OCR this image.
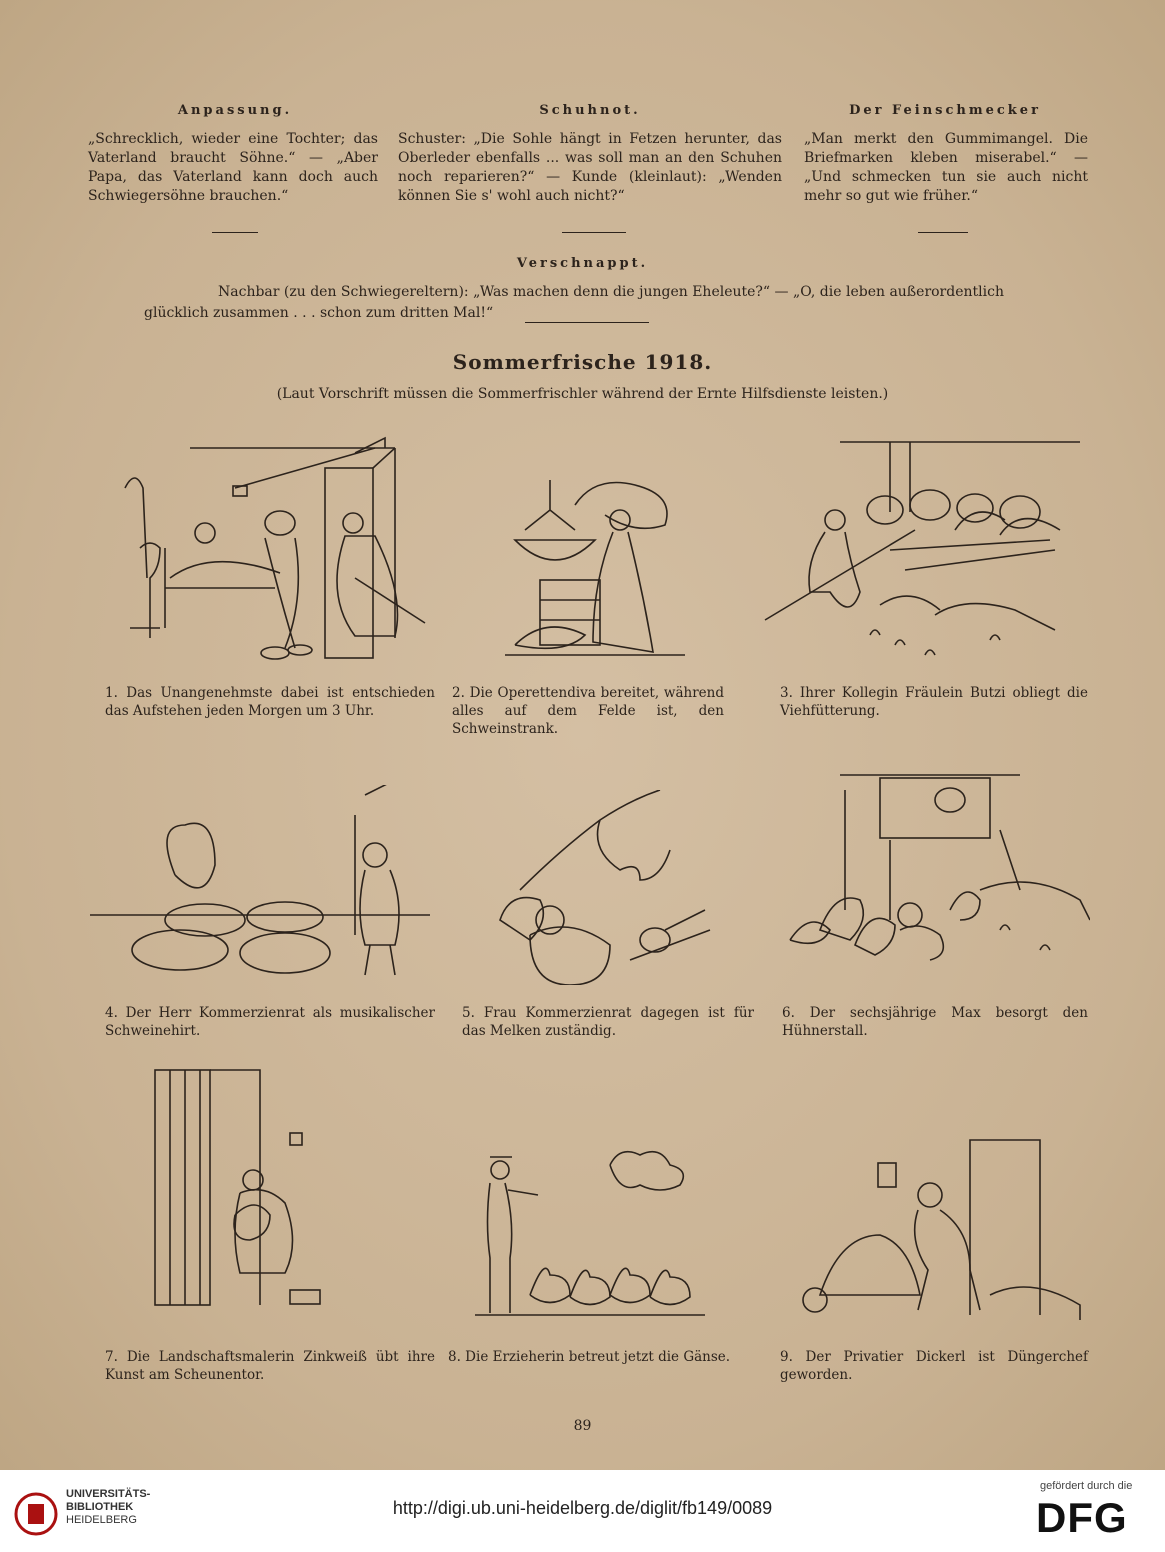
Anpassung.
„Schrecklich, wieder eine Tochter; das Vaterland braucht Söhne.“ — „Aber Papa, das Vaterland kann doch auch Schwiegersöhne brauchen.“
Schuhnot.
Schuster: „Die Sohle hängt in Fetzen herunter, das Oberleder ebenfalls ... was soll man an den Schuhen noch reparieren?“ — Kunde (kleinlaut): „Wenden können Sie s' wohl auch nicht?“
Der Feinschmecker
„Man merkt den Gummimangel. Die Briefmarken kleben miserabel.“ — „Und schmecken tun sie auch nicht mehr so gut wie früher.“
Verschnappt.
Nachbar (zu den Schwiegereltern): „Was machen denn die jungen Eheleute?“ — „O, die leben außerordentlich
glücklich zusammen . . . schon zum dritten Mal!“
Sommerfrische 1918.
(Laut Vorschrift müssen die Sommerfrischler während der Ernte Hilfsdienste leisten.)
1. Das Unangenehmste dabei ist entschieden das Aufstehen jeden Morgen um 3 Uhr.
2. Die Operettendiva bereitet, während alles auf dem Felde ist, den Schweinstrank.
3. Ihrer Kollegin Fräulein Butzi obliegt die Viehfütterung.
4. Der Herr Kommerzienrat als musikalischer Schweinehirt.
5. Frau Kommerzienrat dagegen ist für das Melken zuständig.
6. Der sechsjährige Max besorgt den Hühnerstall.
7. Die Landschaftsmalerin Zinkweiß übt ihre Kunst am Scheunentor.
8. Die Erzieherin betreut jetzt die Gänse.	9. Der Privatier Dickerl ist Düngerchef geworden.
89
UNIVERSITÄTS-
BIBLIOTHEK
HEIDELBERG
http://digi.ub.uni-heidelberg.de/diglit/fb149/0089
gefördert durch die
DFG
